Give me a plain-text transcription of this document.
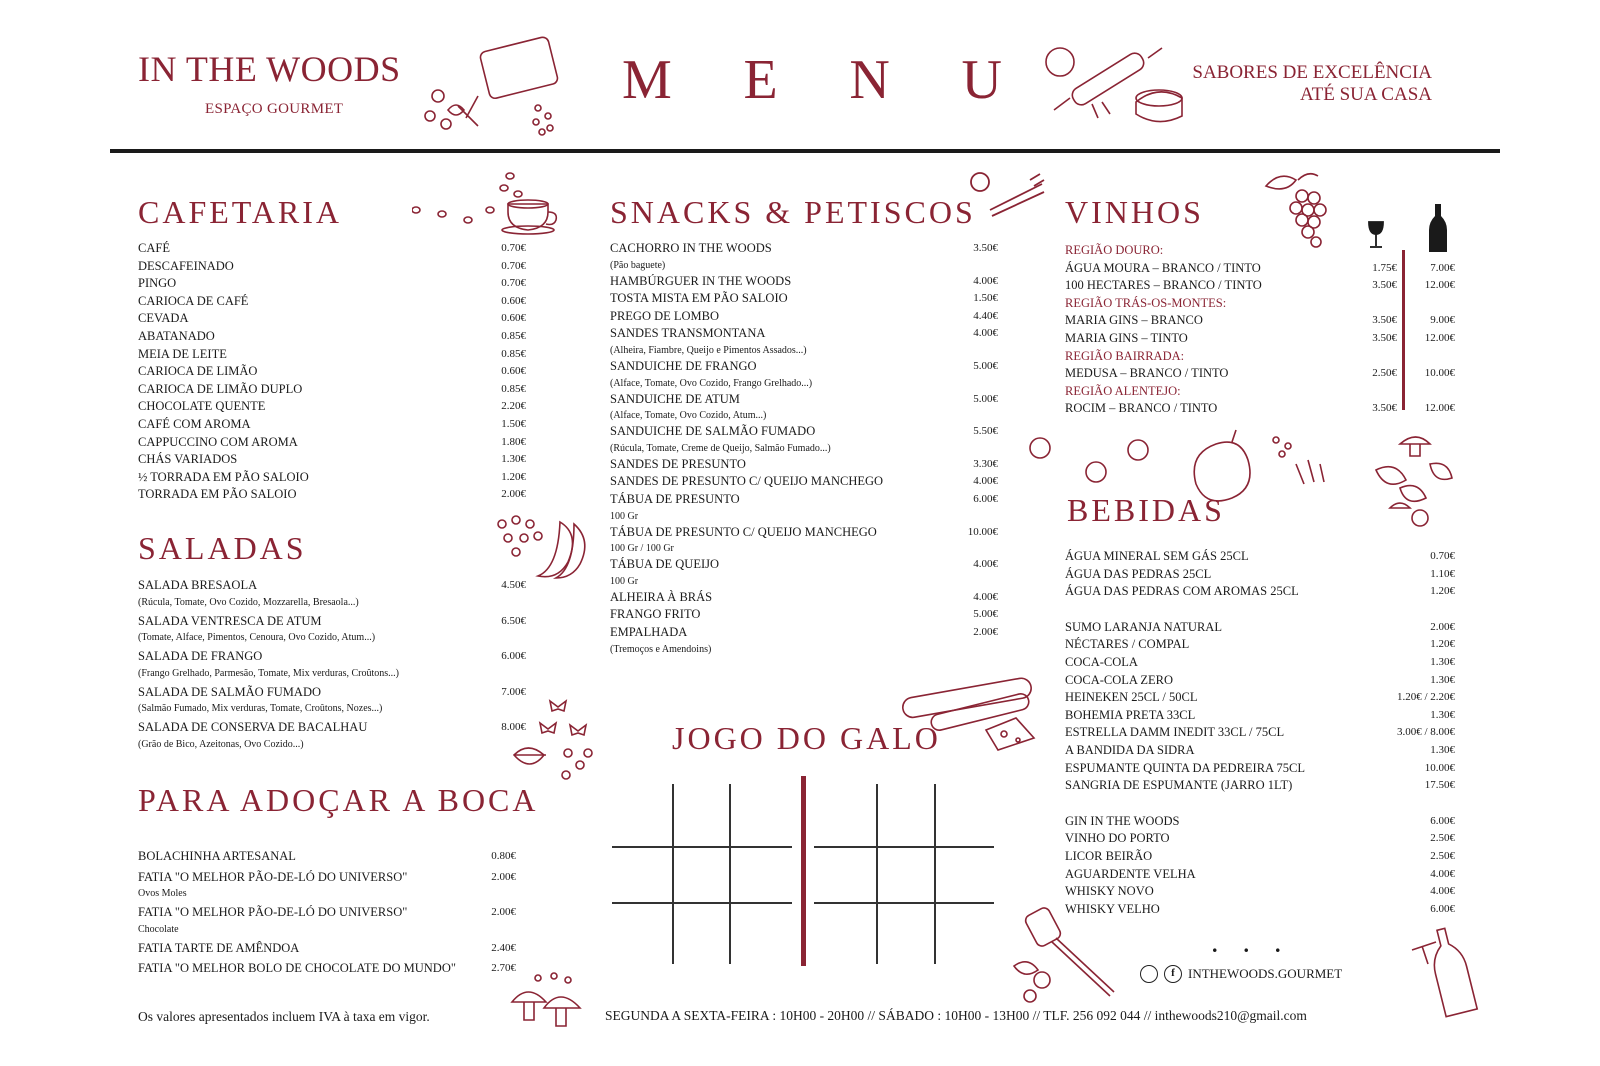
IN THE WOODS
ESPAÇO GOURMET	M E N U	SABORES DE EXCELÊNCIA
ATÉ SUA CASA
CAFETARIA
CAFÉ	0.70€
DESCAFEINADO	0.70€
PINGO	0.70€
CARIOCA DE CAFÉ	0.60€
CEVADA	0.60€
ABATANADO	0.85€
MEIA DE LEITE	0.85€
CARIOCA DE LIMÃO	0.60€
CARIOCA DE LIMÃO DUPLO	0.85€
CHOCOLATE QUENTE	2.20€
CAFÉ COM AROMA	1.50€
CAPPUCCINO COM AROMA	1.80€
CHÁS VARIADOS	1.30€
½ TORRADA EM PÃO SALOIO	1.20€
TORRADA EM PÃO SALOIO	2.00€
SALADAS
SALADA BRESAOLA	4.50€
(Rúcula, Tomate, Ovo Cozido, Mozzarella, Bresaola...)
SALADA VENTRESCA DE ATUM	6.50€
(Tomate, Alface, Pimentos, Cenoura, Ovo Cozido, Atum...)
SALADA DE FRANGO	6.00€
(Frango Grelhado, Parmesão, Tomate, Mix verduras, Croûtons...)
SALADA DE SALMÃO FUMADO	7.00€
(Salmão Fumado, Mix verduras, Tomate, Croûtons, Nozes...)
SALADA DE CONSERVA DE BACALHAU	8.00€
(Grão de Bico, Azeitonas, Ovo Cozido...)
PARA ADOÇAR A BOCA
BOLACHINHA ARTESANAL	0.80€
FATIA "O MELHOR PÃO-DE-LÓ DO UNIVERSO"	2.00€
Ovos Moles
FATIA "O MELHOR PÃO-DE-LÓ DO UNIVERSO"	2.00€
Chocolate
FATIA TARTE DE AMÊNDOA	2.40€
FATIA "O MELHOR BOLO DE CHOCOLATE DO MUNDO"	2.70€
Os valores apresentados incluem IVA à taxa em vigor.
SNACKS & PETISCOS
CACHORRO IN THE WOODS	3.50€
(Pão baguete)
HAMBÚRGUER IN THE WOODS	4.00€
TOSTA MISTA EM PÃO SALOIO	1.50€
PREGO DE LOMBO	4.40€
SANDES TRANSMONTANA	4.00€
(Alheira, Fiambre, Queijo e Pimentos Assados...)
SANDUICHE DE FRANGO	5.00€
(Alface, Tomate, Ovo Cozido, Frango Grelhado...)
SANDUICHE DE ATUM	5.00€
(Alface, Tomate, Ovo Cozido, Atum...)
SANDUICHE DE SALMÃO FUMADO	5.50€
(Rúcula, Tomate, Creme de Queijo, Salmão Fumado...)
SANDES DE PRESUNTO	3.30€
SANDES DE PRESUNTO C/ QUEIJO MANCHEGO	4.00€
TÁBUA DE PRESUNTO	6.00€
100 Gr
TÁBUA DE PRESUNTO C/ QUEIJO MANCHEGO	10.00€
100 Gr / 100 Gr
TÁBUA DE QUEIJO	4.00€
100 Gr
ALHEIRA À BRÁS	4.00€
FRANGO FRITO	5.00€
EMPALHADA	2.00€
(Tremoços e Amendoins)
JOGO DO GALO
SEGUNDA A SEXTA-FEIRA : 10H00 - 20H00 // SÁBADO : 10H00 - 13H00 // TLF. 256 092 044 // inthewoods210@gmail.com
VINHOS
REGIÃO DOURO:
ÁGUA MOURA – BRANCO / TINTO	1.75€	7.00€
100 HECTARES – BRANCO / TINTO	3.50€	12.00€
REGIÃO TRÁS-OS-MONTES:
MARIA GINS – BRANCO	3.50€	9.00€
MARIA GINS – TINTO	3.50€	12.00€
REGIÃO BAIRRADA:
MEDUSA – BRANCO / TINTO	2.50€	10.00€
REGIÃO ALENTEJO:
ROCIM – BRANCO / TINTO	3.50€	12.00€
BEBIDAS
ÁGUA MINERAL SEM GÁS 25CL	0.70€
ÁGUA DAS PEDRAS 25CL	1.10€
ÁGUA DAS PEDRAS COM AROMAS 25CL	1.20€
SUMO LARANJA NATURAL	2.00€
NÉCTARES / COMPAL	1.20€
COCA-COLA	1.30€
COCA-COLA ZERO	1.30€
HEINEKEN 25CL / 50CL	1.20€ / 2.20€
BOHEMIA PRETA 33CL	1.30€
ESTRELLA DAMM INEDIT 33CL / 75CL	3.00€ / 8.00€
A BANDIDA DA SIDRA	1.30€
ESPUMANTE QUINTA DA PEDREIRA 75CL	10.00€
SANGRIA DE ESPUMANTE (JARRO 1LT)	17.50€
GIN IN THE WOODS	6.00€
VINHO DO PORTO	2.50€
LICOR BEIRÃO	2.50€
AGUARDENTE VELHA	4.00€
WHISKY NOVO	4.00€
WHISKY VELHO	6.00€
...
f	INTHEWOODS.GOURMET
